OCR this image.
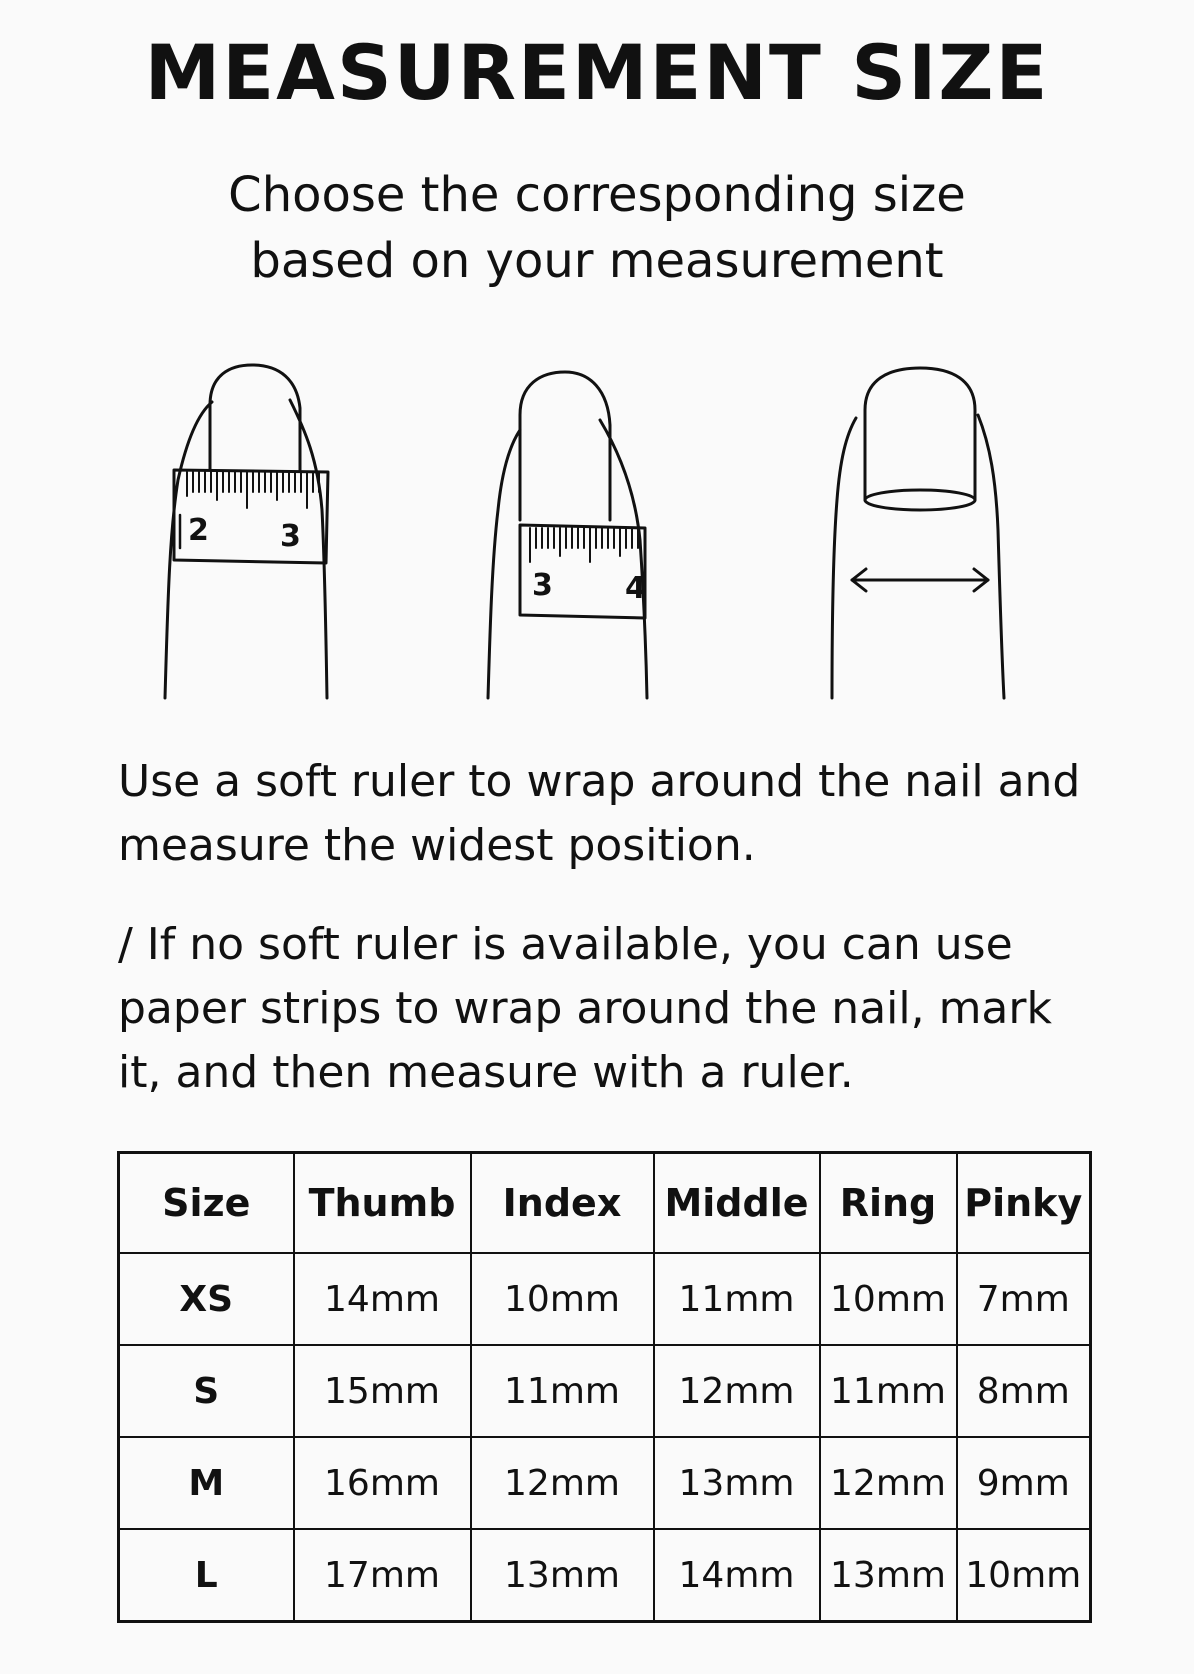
MEASUREMENT SIZE
Choose the corresponding size
based on your measurement
2 3
3 4
Use a soft ruler to wrap around the nail and
measure the widest position.
/ If no soft ruler is available, you can use
paper strips to wrap around the nail, mark
it, and then measure with a ruler.
Size	Thumb	Index	Middle	Ring	Pinky
XS	14mm	10mm	11mm	10mm	7mm
S	15mm	11mm	12mm	11mm	8mm
M	16mm	12mm	13mm	12mm	9mm
L	17mm	13mm	14mm	13mm	10mm
